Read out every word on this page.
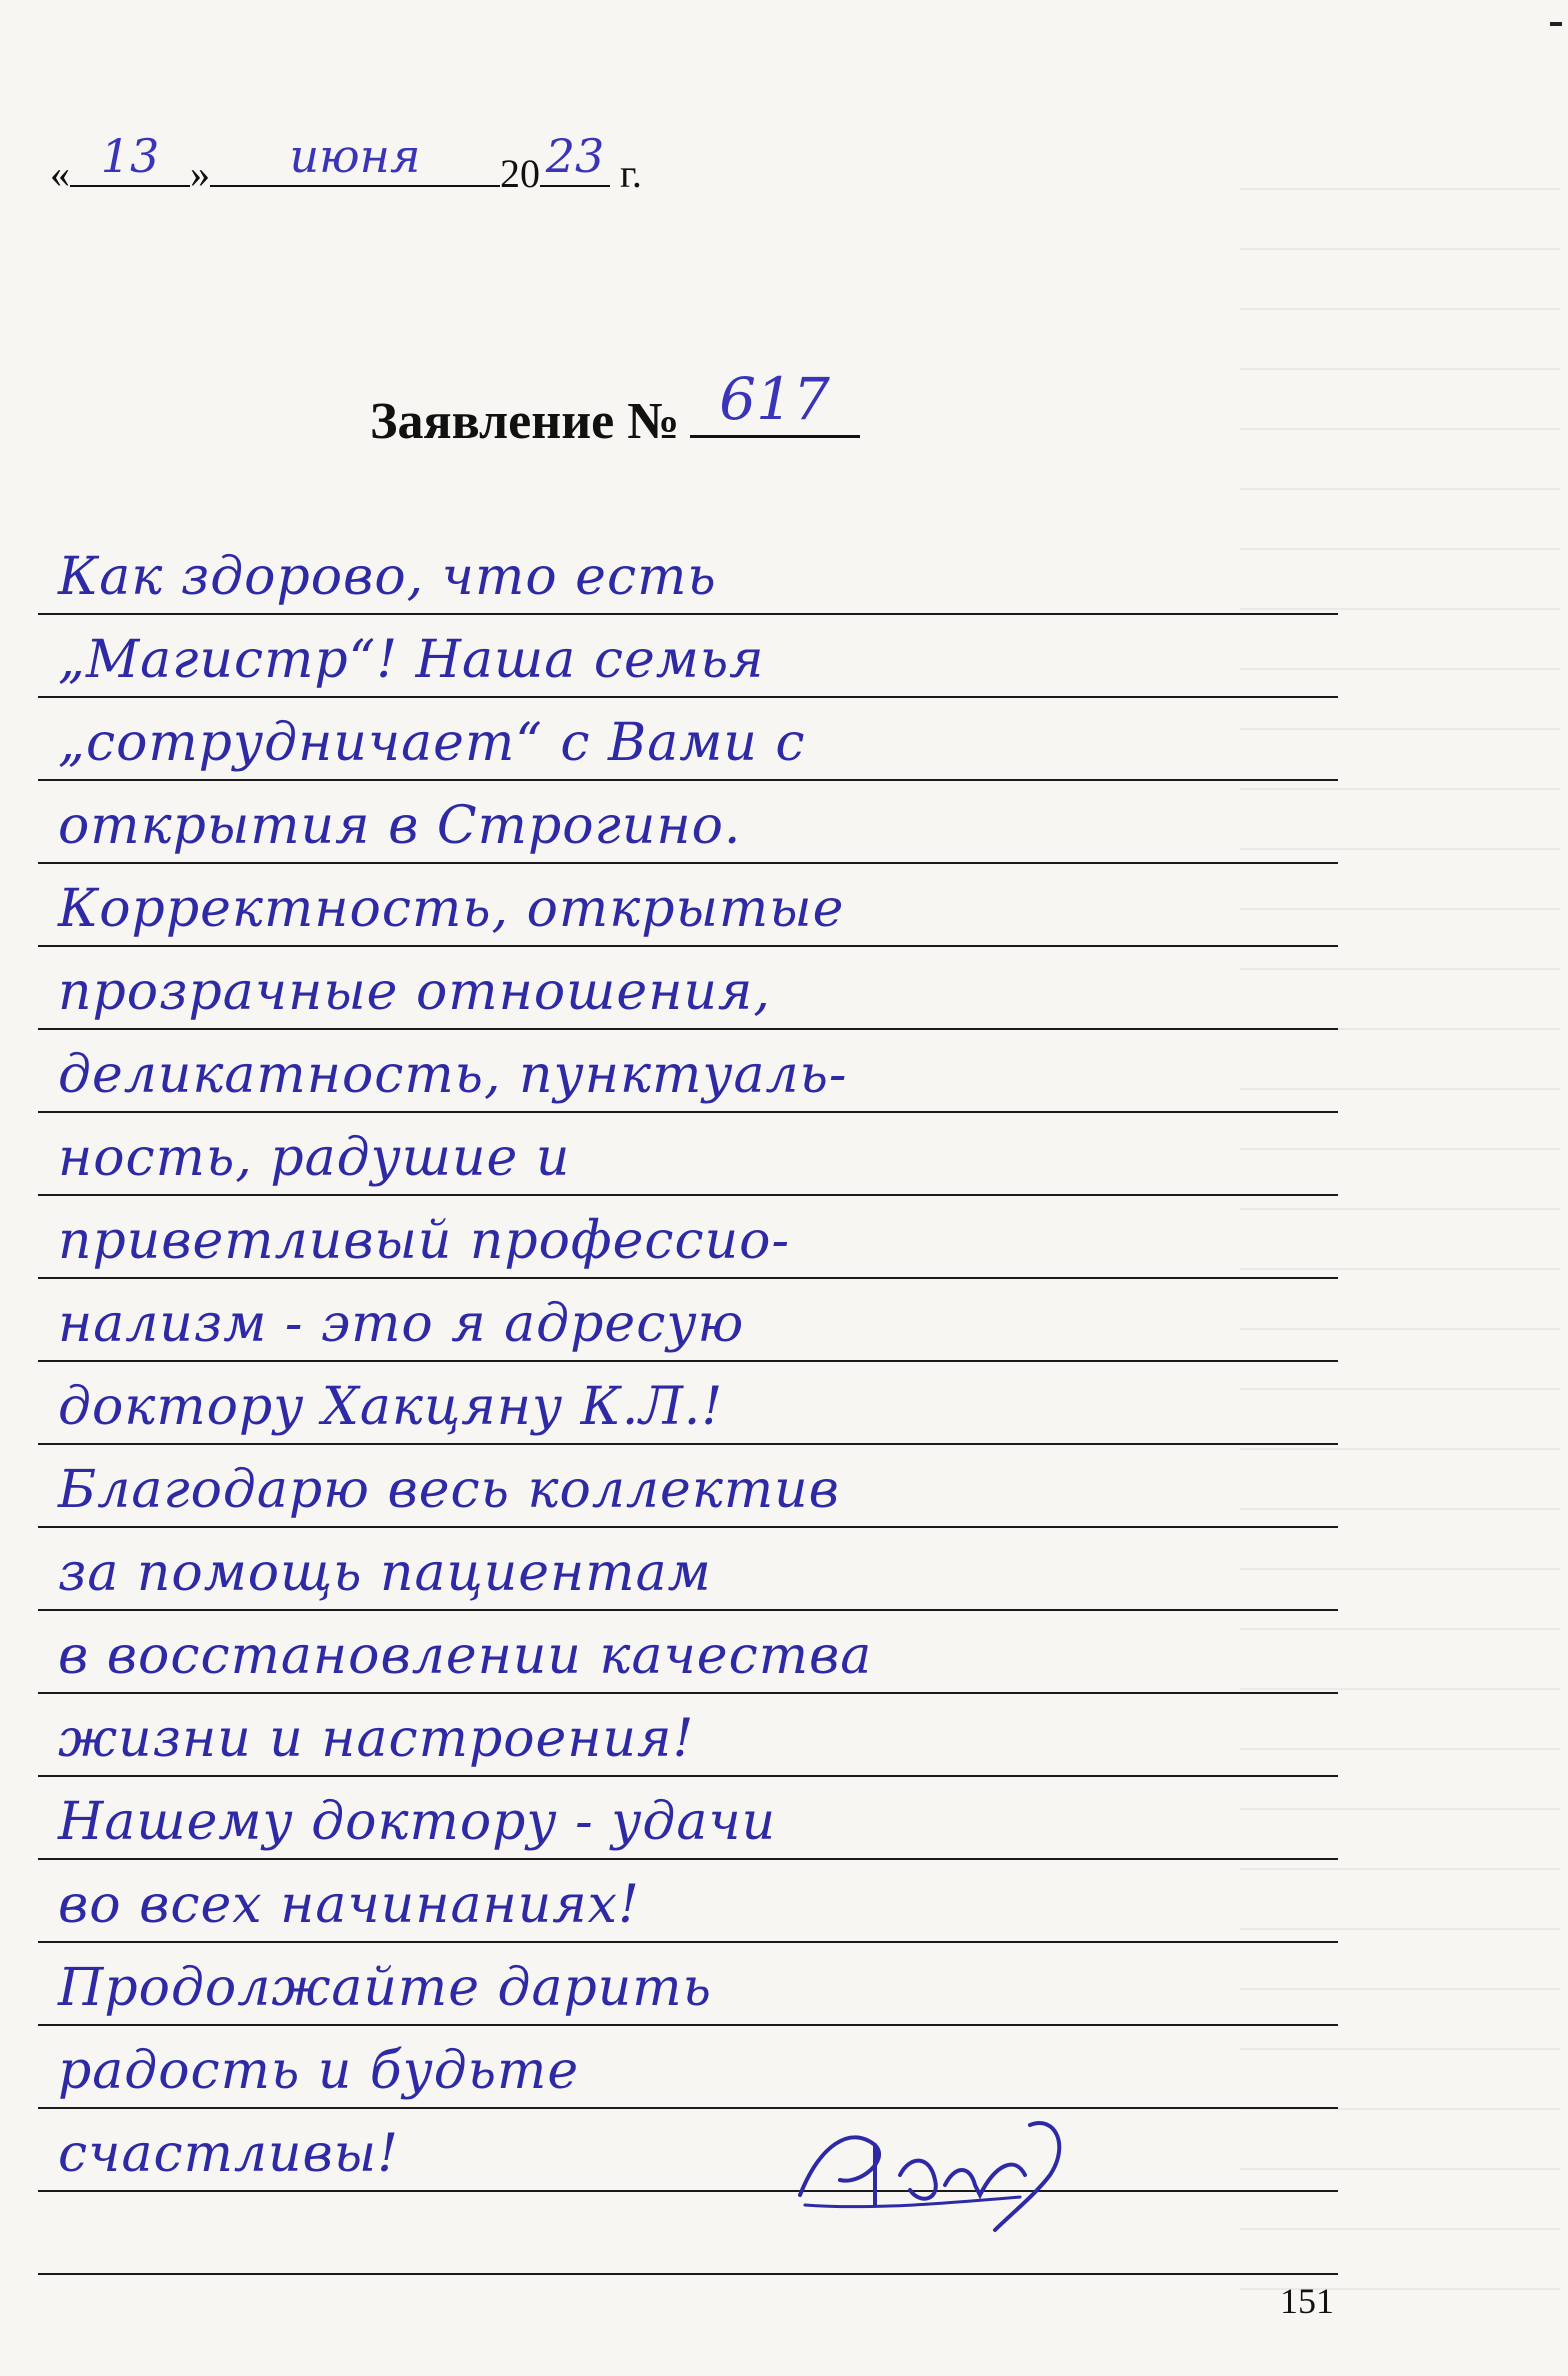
« 13 »	июня	20 23 г.
Заявление № 617
Как здорово, что есть
„Магистр“! Наша семья
„сотрудничает“ с Вами с
открытия в Строгино.
Корректность, открытые
прозрачные отношения,
деликатность, пунктуаль-
ность, радушие и
приветливый профессио-
нализм - это я адресую
доктору Хакцяну К.Л.!
Благодарю весь коллектив
за помощь пациентам
в восстановлении качества
жизни и настроения!
Нашему доктору - удачи
во всех начинаниях!
Продолжайте дарить
радость и будьте
счастливы!
151
